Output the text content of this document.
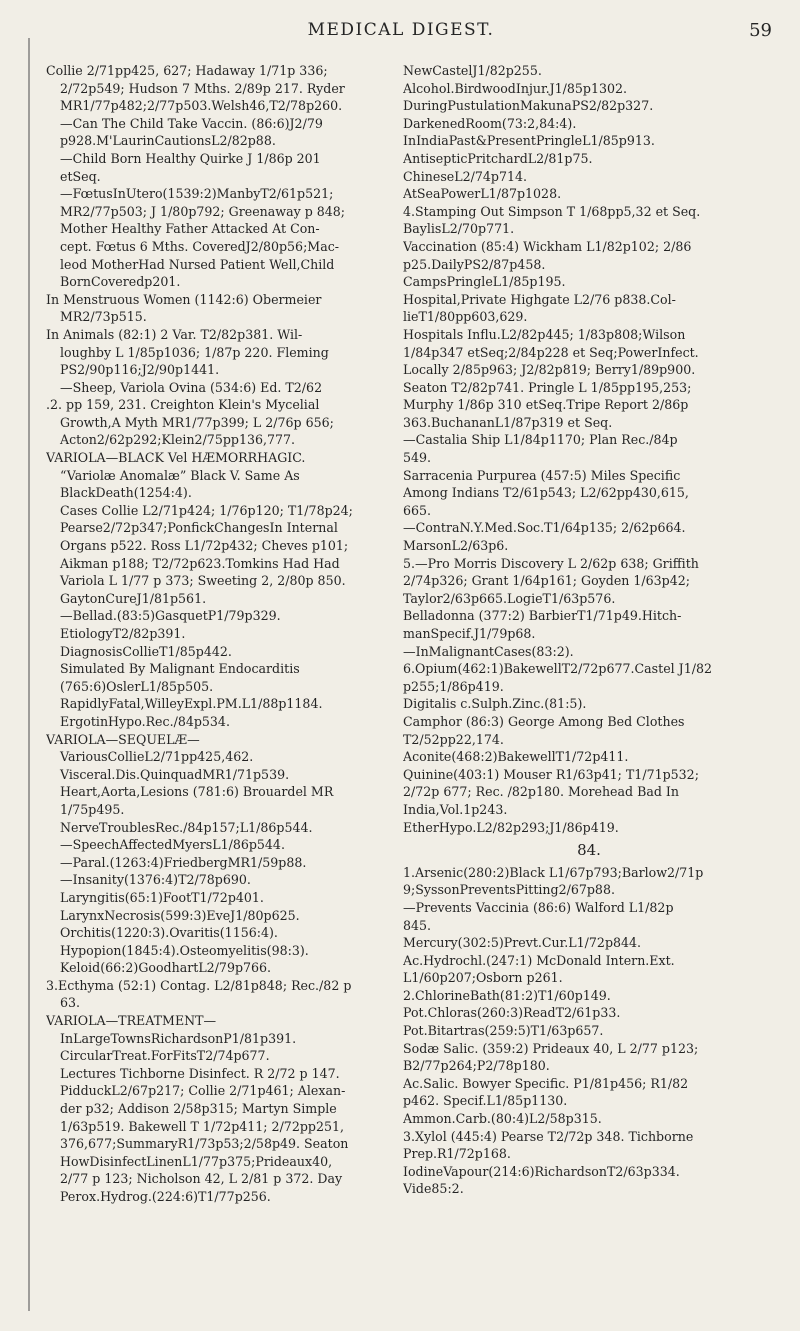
MEDICAL DIGEST.	59
Collie 2/71pp425, 627; Hadaway 1/71p 336;
2/72p549; Hudson 7 Mths. 2/89p 217. Ryder
MR1/77p482;2/77p503.Welsh46,T2/78p260.
—Can The Child Take Vaccin. (86:6)J2/79
p928.M'LaurinCautionsL2/82p88.
—Child Born Healthy Quirke J 1/86p 201
etSeq.
—FœtusInUtero(1539:2)ManbyT2/61p521;
MR2/77p503; J 1/80p792; Greenaway p 848;
Mother Healthy Father Attacked At Con-
cept. Fœtus 6 Mths. CoveredJ2/80p56;Mac-
leod MotherHad Nursed Patient Well,Child
BornCoveredp201.
In Menstruous Women (1142:6) Obermeier
MR2/73p515.
In Animals (82:1) 2 Var. T2/82p381. Wil-
loughby L 1/85p1036; 1/87p 220. Fleming
PS2/90p116;J2/90p1441.
—Sheep, Variola Ovina (534:6) Ed. T2/62
.2. pp 159, 231. Creighton Klein's Mycelial
Growth,A Myth MR1/77p399; L 2/76p 656;
Acton2/62p292;Klein2/75pp136,777.
VARIOLA—BLACK Vel HÆMORRHAGIC.
“Variolæ Anomalæ” Black V. Same As
BlackDeath(1254:4).
Cases Collie L2/71p424; 1/76p120; T1/78p24;
Pearse2/72p347;PonfickChangesIn Internal
Organs p522. Ross L1/72p432; Cheves p101;
Aikman p188; T2/72p623.Tomkins Had Had
Variola L 1/77 p 373; Sweeting 2, 2/80p 850.
GaytonCureJ1/81p561.
—Bellad.(83:5)GasquetP1/79p329.
EtiologyT2/82p391.
DiagnosisCollieT1/85p442.
Simulated By Malignant Endocarditis
(765:6)OslerL1/85p505.
RapidlyFatal,WilleyExpl.PM.L1/88p1184.
ErgotinHypo.Rec./84p534.
VARIOLA—SEQUELÆ—
VariousCollieL2/71pp425,462.
Visceral.Dis.QuinquadMR1/71p539.
Heart,Aorta,Lesions (781:6) Brouardel MR
1/75p495.
NerveTroublesRec./84p157;L1/86p544.
—SpeechAffectedMyersL1/86p544.
—Paral.(1263:4)FriedbergMR1/59p88.
—Insanity(1376:4)T2/78p690.
Laryngitis(65:1)FootT1/72p401.
LarynxNecrosis(599:3)EveJ1/80p625.
Orchitis(1220:3).Ovaritis(1156:4).
Hypopion(1845:4).Osteomyelitis(98:3).
Keloid(66:2)GoodhartL2/79p766.
3.Ecthyma (52:1) Contag. L2/81p848; Rec./82 p
63.
VARIOLA—TREATMENT—
InLargeTownsRichardsonP1/81p391.
CircularTreat.ForFitsT2/74p677.
Lectures Tichborne Disinfect. R 2/72 p 147.
PidduckL2/67p217; Collie 2/71p461; Alexan-
der p32; Addison 2/58p315; Martyn Simple
1/63p519. Bakewell T 1/72p411; 2/72pp251,
376,677;SummaryR1/73p53;2/58p49. Seaton
HowDisinfectLinenL1/77p375;Prideaux40,
2/77 p 123; Nicholson 42, L 2/81 p 372. Day
Perox.Hydrog.(224:6)T1/77p256.
NewCastelJ1/82p255.
Alcohol.BirdwoodInjur.J1/85p1302.
DuringPustulationMakunaPS2/82p327.
DarkenedRoom(73:2,84:4).
InIndiaPast&PresentPringleL1/85p913.
AntisepticPritchardL2/81p75.
ChineseL2/74p714.
AtSeaPowerL1/87p1028.
4.Stamping Out Simpson T 1/68pp5,32 et Seq.
BaylisL2/70p771.
Vaccination (85:4) Wickham L1/82p102; 2/86
p25.DailyPS2/87p458.
CampsPringleL1/85p195.
Hospital,Private Highgate L2/76 p838.Col-
lieT1/80pp603,629.
Hospitals Influ.L2/82p445; 1/83p808;Wilson
1/84p347 etSeq;2/84p228 et Seq;PowerInfect.
Locally 2/85p963; J2/82p819; Berry1/89p900.
Seaton T2/82p741. Pringle L 1/85pp195,253;
Murphy 1/86p 310 etSeq.Tripe Report 2/86p
363.BuchananL1/87p319 et Seq.
—Castalia Ship L1/84p1170; Plan Rec./84p
549.
Sarracenia Purpurea (457:5) Miles Specific
Among Indians T2/61p543; L2/62pp430,615,
665.
—ContraN.Y.Med.Soc.T1/64p135; 2/62p664.
MarsonL2/63p6.
5.—Pro Morris Discovery L 2/62p 638; Griffith
2/74p326; Grant 1/64p161; Goyden 1/63p42;
Taylor2/63p665.LogieT1/63p576.
Belladonna (377:2) BarbierT1/71p49.Hitch-
manSpecif.J1/79p68.
—InMalignantCases(83:2).
6.Opium(462:1)BakewellT2/72p677.Castel J1/82
p255;1/86p419.
Digitalis c.Sulph.Zinc.(81:5).
Camphor (86:3) George Among Bed Clothes
T2/52pp22,174.
Aconite(468:2)BakewellT1/72p411.
Quinine(403:1) Mouser R1/63p41; T1/71p532;
2/72p 677; Rec. /82p180. Morehead Bad In
India,Vol.1p243.
EtherHypo.L2/82p293;J1/86p419.
84.
1.Arsenic(280:2)Black L1/67p793;Barlow2/71p
9;SyssonPreventsPitting2/67p88.
—Prevents Vaccinia (86:6) Walford L1/82p
845.
Mercury(302:5)Prevt.Cur.L1/72p844.
Ac.Hydrochl.(247:1) McDonald Intern.Ext.
L1/60p207;Osborn p261.
2.ChlorineBath(81:2)T1/60p149.
Pot.Chloras(260:3)ReadT2/61p33.
Pot.Bitartras(259:5)T1/63p657.
Sodæ Salic. (359:2) Prideaux 40, L 2/77 p123;
B2/77p264;P2/78p180.
Ac.Salic. Bowyer Specific. P1/81p456; R1/82
p462. Specif.L1/85p1130.
Ammon.Carb.(80:4)L2/58p315.
3.Xylol (445:4) Pearse T2/72p 348. Tichborne
Prep.R1/72p168.
IodineVapour(214:6)RichardsonT2/63p334.
Vide85:2.
